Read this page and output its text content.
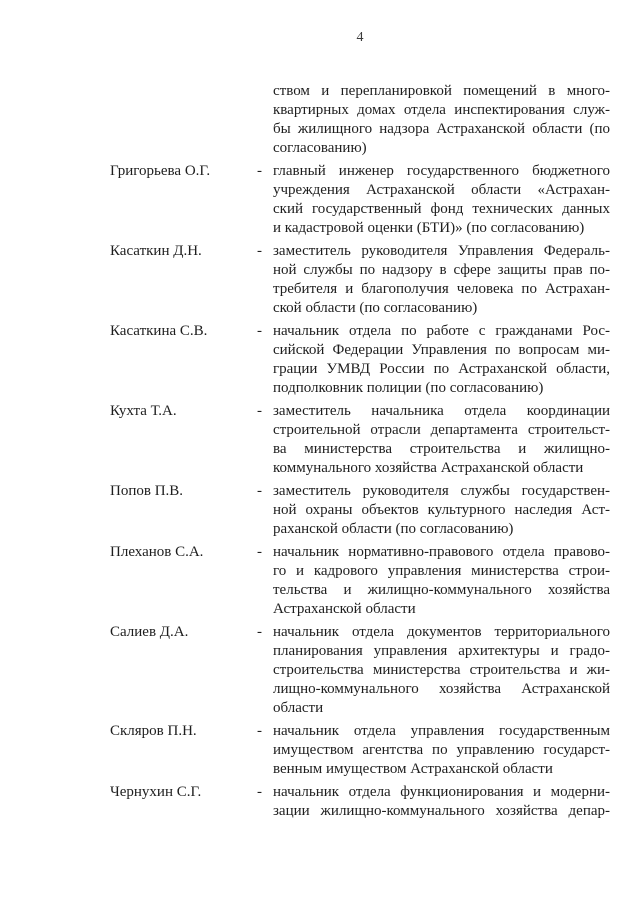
4
ством и перепланировкой помещений в много-
квартирных домах отдела инспектирования служ-
бы жилищного надзора Астраханской области (по
согласованию)
Григорьева О.Г.	- главный инженер государственного бюджетного
учреждения Астраханской области «Астрахан-
ский государственный фонд технических данных
и кадастровой оценки (БТИ)» (по согласованию)
Касаткин Д.Н.	- заместитель руководителя Управления Федераль-
ной службы по надзору в сфере защиты прав по-
требителя и благополучия человека по Астрахан-
ской области (по согласованию)
Касаткина С.В.	- начальник отдела по работе с гражданами Рос-
сийской Федерации Управления по вопросам ми-
грации УМВД России по Астраханской области,
подполковник полиции (по согласованию)
Кухта Т.А.	- заместитель начальника отдела координации
строительной отрасли департамента строительст-
ва министерства строительства и жилищно-
коммунального хозяйства Астраханской области
Попов П.В.	- заместитель руководителя службы государствен-
ной охраны объектов культурного наследия Аст-
раханской области (по согласованию)
Плеханов С.А.	- начальник нормативно-правового отдела правово-
го и кадрового управления министерства строи-
тельства и жилищно-коммунального хозяйства
Астраханской области
Салиев Д.А.	- начальник отдела документов территориального
планирования управления архитектуры и градо-
строительства министерства строительства и жи-
лищно-коммунального хозяйства Астраханской
области
Скляров П.Н.	- начальник отдела управления государственным
имуществом агентства по управлению государст-
венным имуществом Астраханской области
Чернухин С.Г.	- начальник отдела функционирования и модерни-
зации жилищно-коммунального хозяйства депар-
